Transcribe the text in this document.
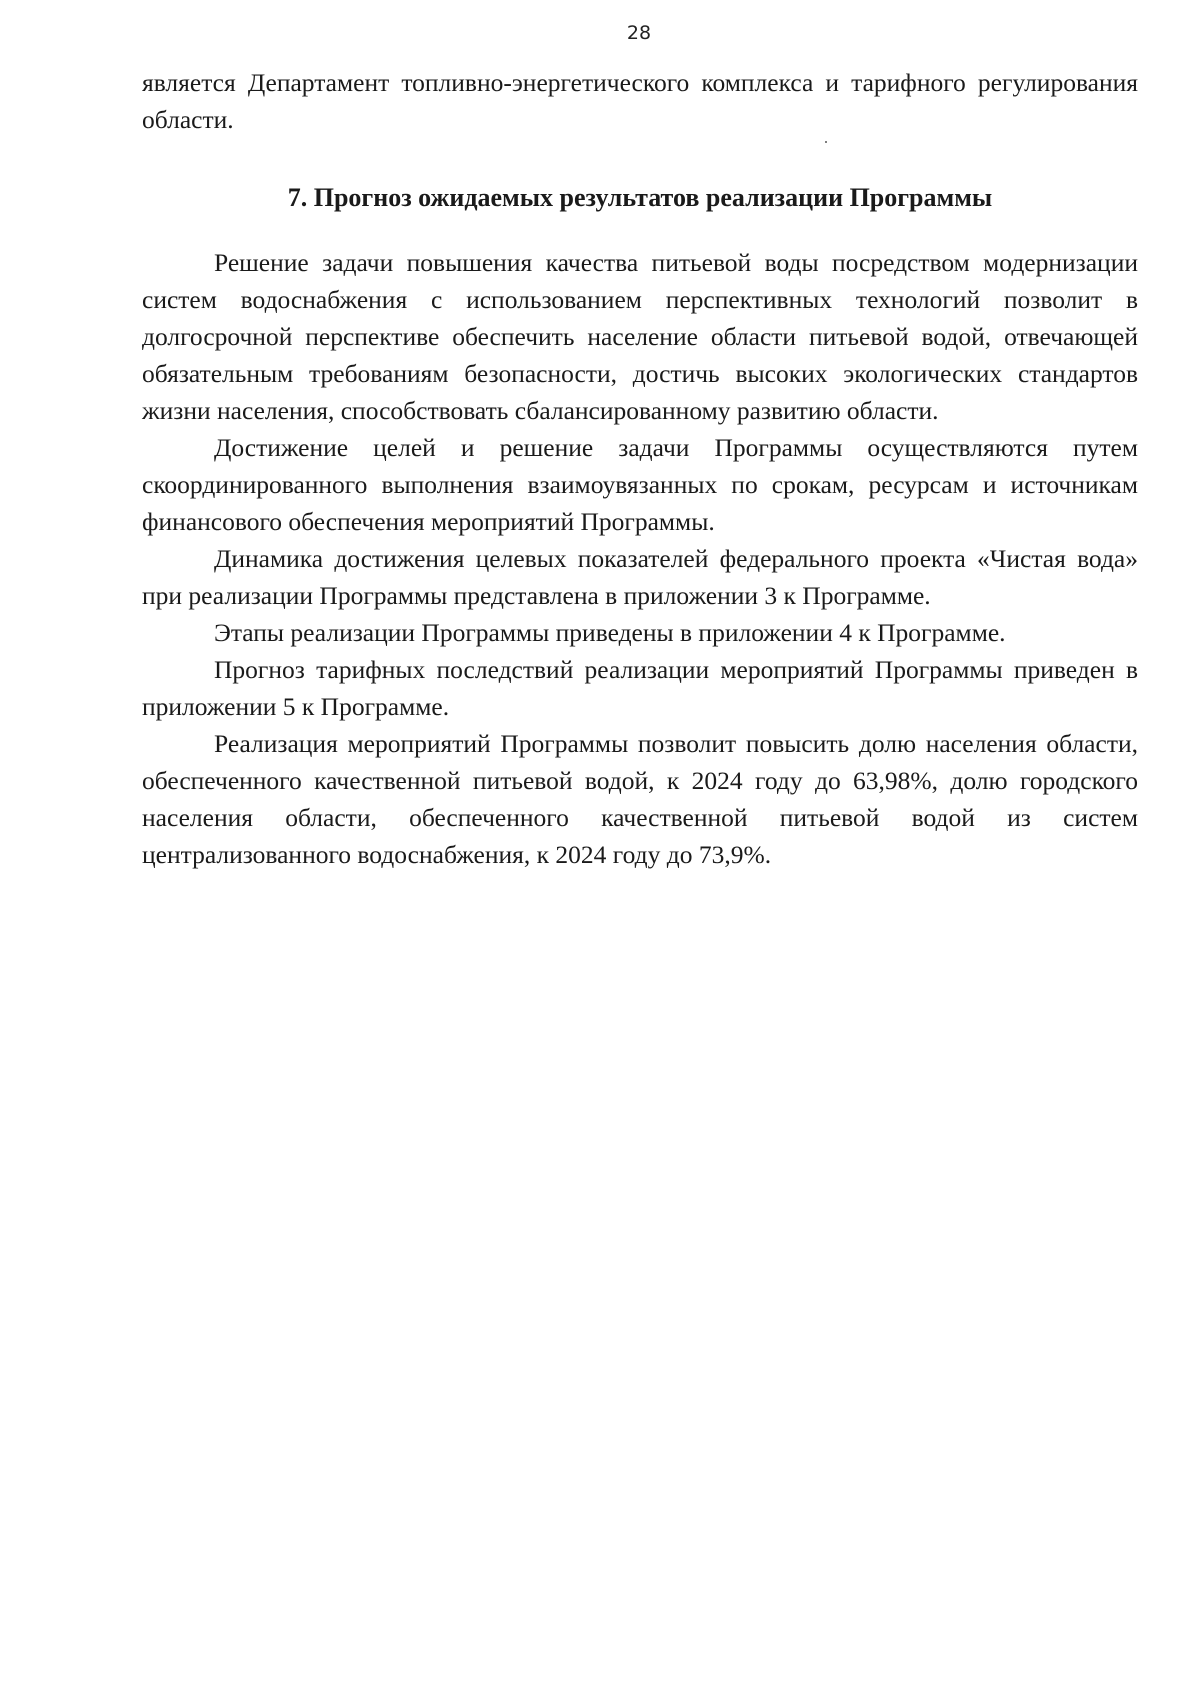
28

является Департамент топливно-энергетического комплекса и тарифного регулирования области.

7. Прогноз ожидаемых результатов реализации Программы

Решение задачи повышения качества питьевой воды посредством модернизации систем водоснабжения с использованием перспективных технологий позволит в долгосрочной перспективе обеспечить население области питьевой водой, отвечающей обязательным требованиям безопасности, достичь высоких экологических стандартов жизни населения, способствовать сбалансированному развитию области.

Достижение целей и решение задачи Программы осуществляются путем скоординированного выполнения взаимоувязанных по срокам, ресурсам и источникам финансового обеспечения мероприятий Программы.

Динамика достижения целевых показателей федерального проекта «Чистая вода» при реализации Программы представлена в приложении 3 к Программе.

Этапы реализации Программы приведены в приложении 4 к Программе.

Прогноз тарифных последствий реализации мероприятий Программы приведен в приложении 5 к Программе.

Реализация мероприятий Программы позволит повысить долю населения области, обеспеченного качественной питьевой водой, к 2024 году до 63,98%, долю городского населения области, обеспеченного качественной питьевой водой из систем централизованного водоснабжения, к 2024 году до 73,9%.
